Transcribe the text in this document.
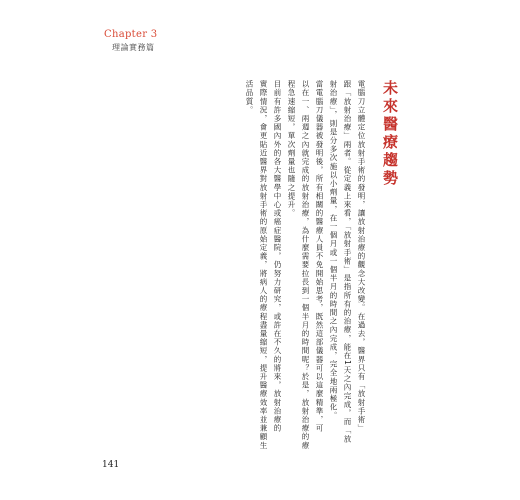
Chapter 3
理論實務篇
未來醫療趨勢
電腦刀立體定位放射手術的發明，讓放射治療的觀念大改變。在過去，醫界只有「放射手術」
跟「放射治療」兩者。從定義上來看，「放射手術」是指所有的治療，能在1天之內完成，而「放
射治療」，則是分多次施以小劑量，在一個月或一個半月的時間之內完成，完全地兩極化。
當電腦刀儀器被發明後，所有相關的醫療人員不免開始思考，既然這部儀器可以這麼精準，可
以在一、兩週之內就完成的放射治療，為什麼需要拉長到一個半月的時間呢？於是，放射治療的療
程急速縮短，單次劑量也隨之提升。
目前有許多國內外的各大醫學中心或癌症醫院，仍努力研究，或許在不久的將來，放射治療的
實際情況，會更貼近醫界對放射手術的原始定義，將病人的療程盡量縮短，提升醫療效率並兼顧生
活品質。
141
